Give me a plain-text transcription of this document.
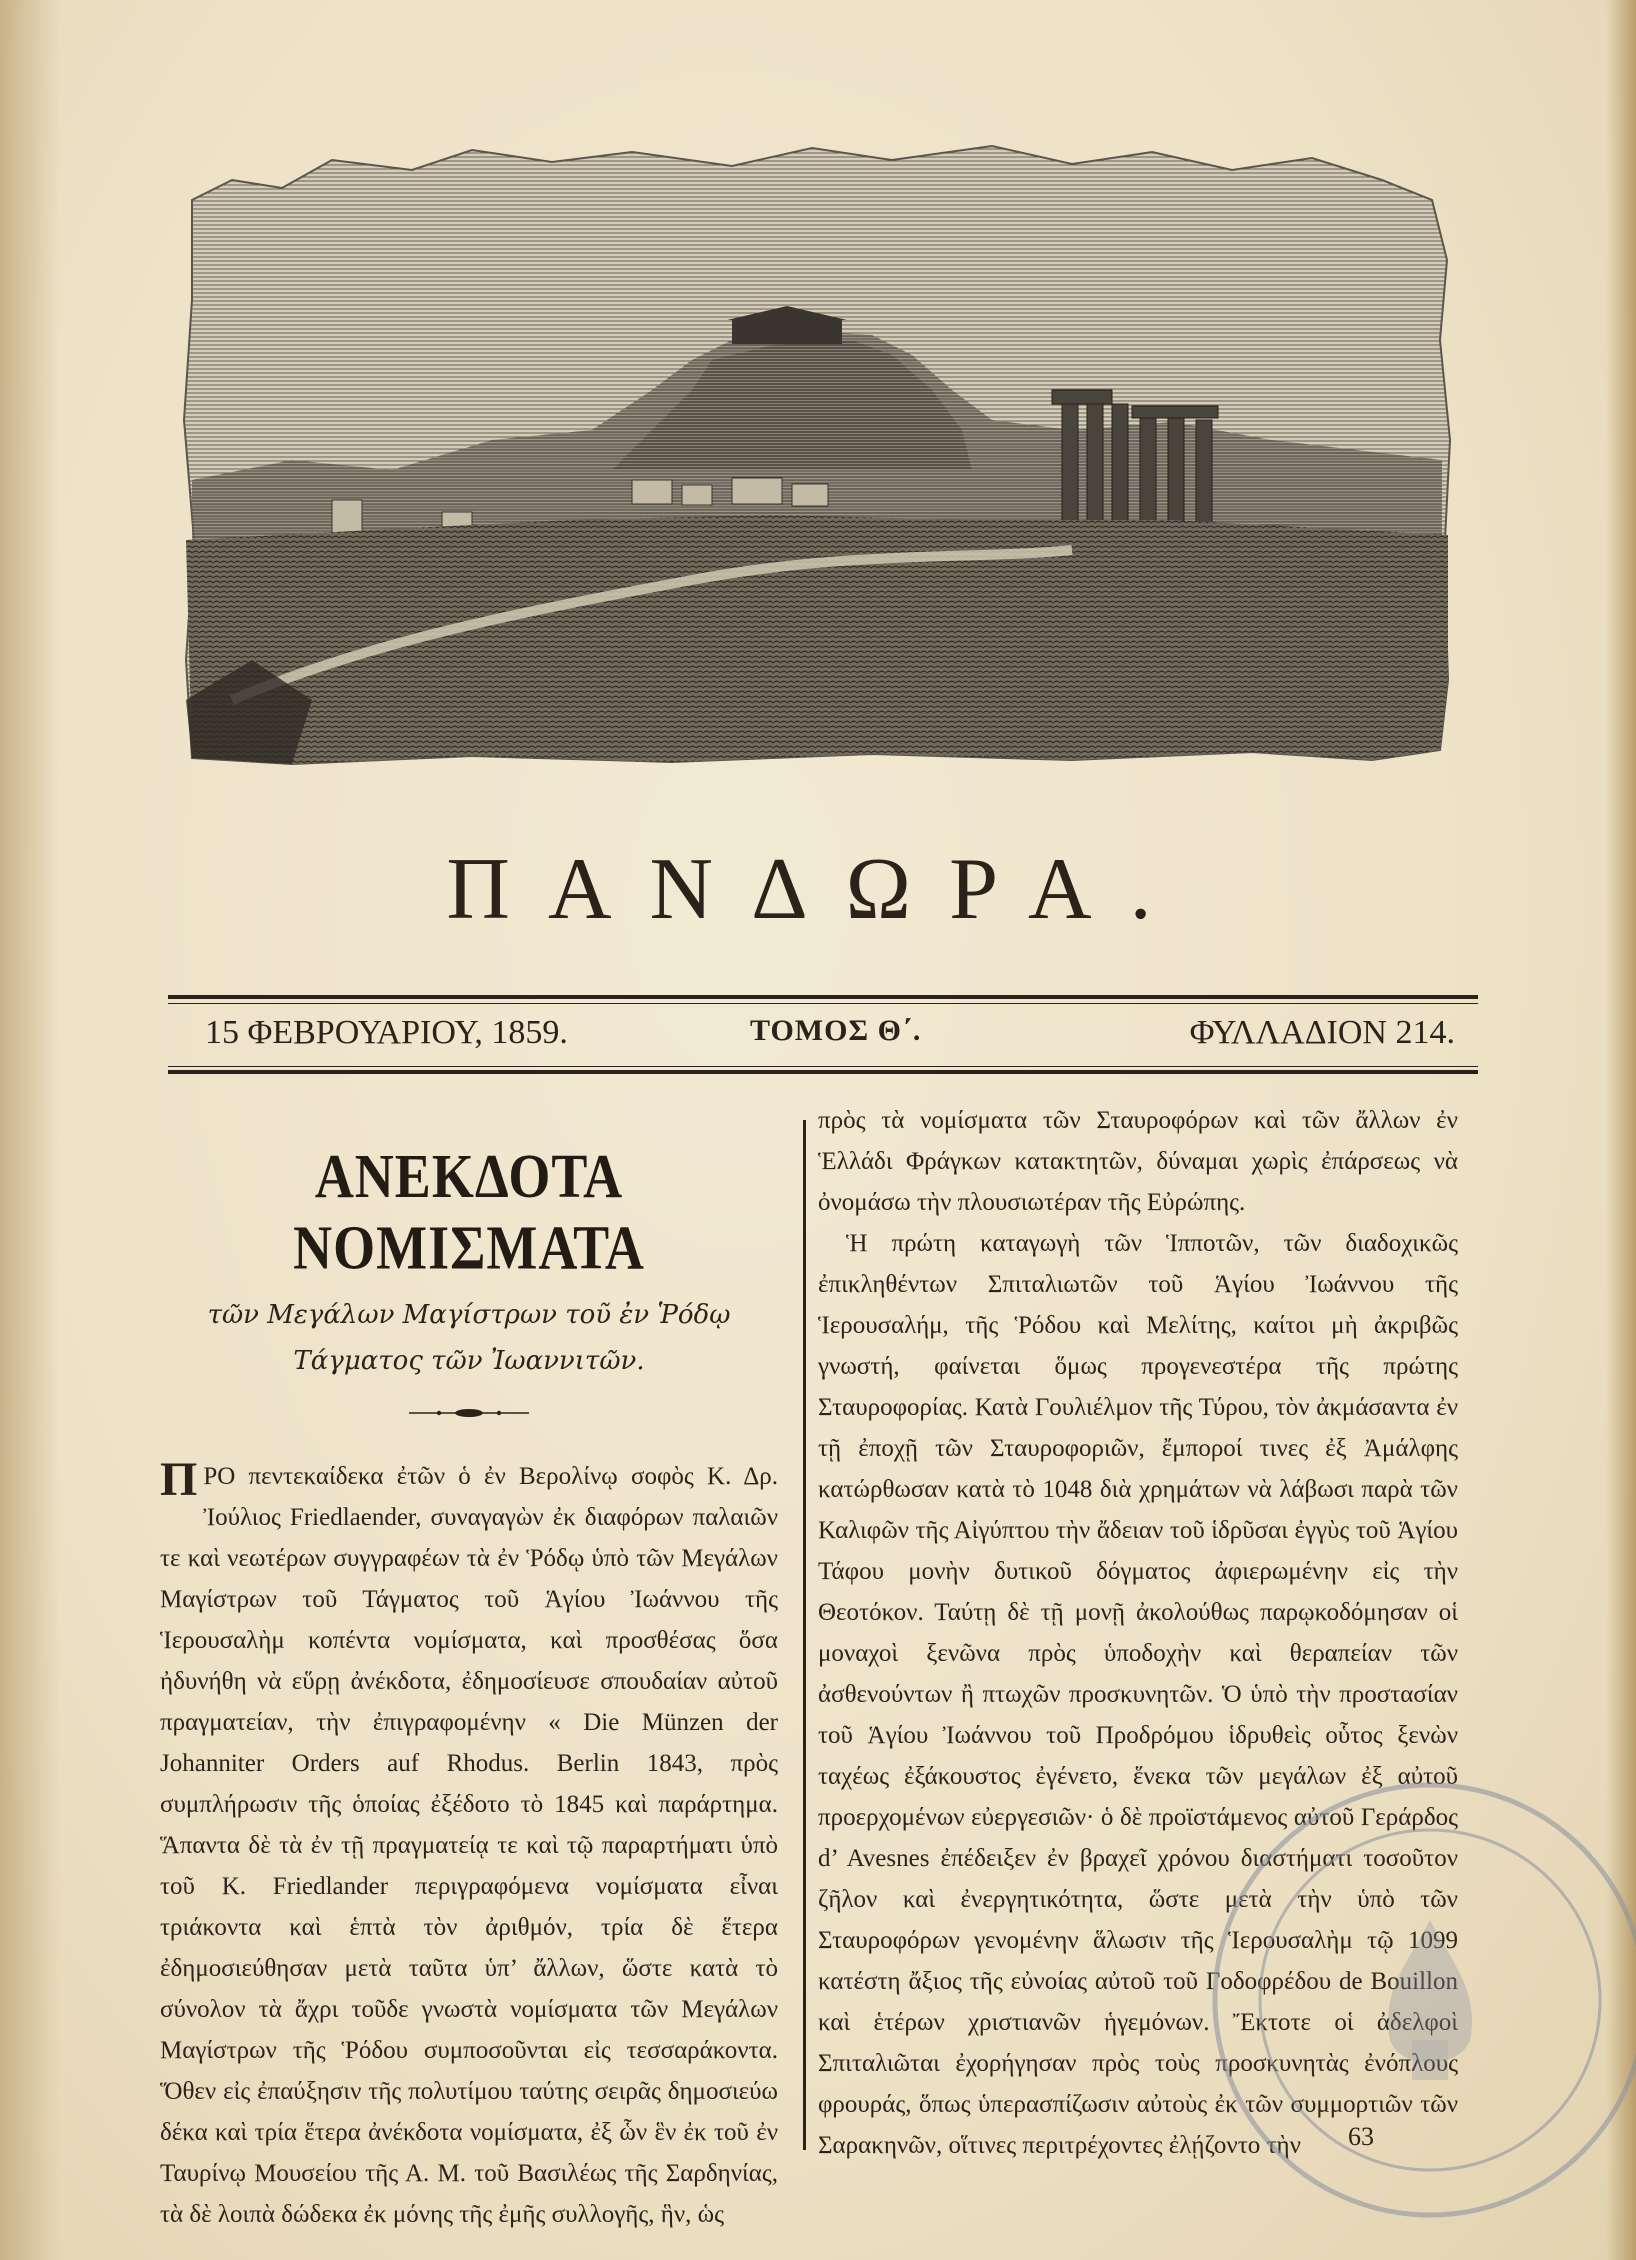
ΠΑΝΔΩΡΑ.
15 ΦΕΒΡΟΥΑΡΙΟΥ, 1859.	ΤΟΜΟΣ Θ΄.	ΦΥΛΛΑΔΙΟΝ 214.
ΑΝΕΚΔΟΤΑ ΝΟΜΙΣΜΑΤΑ
τῶν Μεγάλων Μαγίστρων τοῦ ἐν Ῥόδῳ
Τάγματος τῶν Ἰωαννιτῶν.

ΠΡΟ πεντεκαίδεκα ἐτῶν ὁ ἐν Βερολίνῳ σοφὸς Κ. Δρ. Ἰούλιος Friedlaender, συναγαγὼν ἐκ διαφόρων παλαιῶν τε καὶ νεωτέρων συγγραφέων τὰ ἐν Ῥόδῳ ὑπὸ τῶν Μεγάλων Μαγίστρων τοῦ Τάγματος τοῦ Ἁγίου Ἰωάννου τῆς Ἱερουσαλὴμ κοπέντα νομίσματα, καὶ προσθέσας ὅσα ἠδυνήθη νὰ εὕρῃ ἀνέκδοτα, ἐδημοσίευσε σπουδαίαν αὐτοῦ πραγματείαν, τὴν ἐπιγραφομένην « Die Münzen der Johanniter Orders auf Rhodus. Berlin 1843, πρὸς συμπλήρωσιν τῆς ὁποίας ἐξέδοτο τὸ 1845 καὶ παράρτημα. Ἅπαντα δὲ τὰ ἐν τῇ πραγματείᾳ τε καὶ τῷ παραρτήματι ὑπὸ τοῦ Κ. Friedlander περιγραφόμενα νομίσματα εἶναι τριάκοντα καὶ ἑπτὰ τὸν ἀριθμόν, τρία δὲ ἕτερα ἐδημοσιεύθησαν μετὰ ταῦτα ὑπ’ ἄλλων, ὥστε κατὰ τὸ σύνολον τὰ ἄχρι τοῦδε γνωστὰ νομίσματα τῶν Μεγάλων Μαγίστρων τῆς Ῥόδου συμποσοῦνται εἰς τεσσαράκοντα. Ὅθεν εἰς ἐπαύξησιν τῆς πολυτίμου ταύτης σειρᾶς δημοσιεύω δέκα καὶ τρία ἕτερα ἀνέκδοτα νομίσματα, ἐξ ὧν ἓν ἐκ τοῦ ἐν Ταυρίνῳ Μουσείου τῆς Α. Μ. τοῦ Βασιλέως τῆς Σαρδηνίας, τὰ δὲ λοιπὰ δώδεκα ἐκ μόνης τῆς ἐμῆς συλλογῆς, ἣν, ὡς

πρὸς τὰ νομίσματα τῶν Σταυροφόρων καὶ τῶν ἄλλων ἐν Ἑλλάδι Φράγκων κατακτητῶν, δύναμαι χωρὶς ἐπάρσεως νὰ ὀνομάσω τὴν πλουσιωτέραν τῆς Εὐρώπης.

Ἡ πρώτη καταγωγὴ τῶν Ἱπποτῶν, τῶν διαδοχικῶς ἐπικληθέντων Σπιταλιωτῶν τοῦ Ἁγίου Ἰωάννου τῆς Ἱερουσαλήμ, τῆς Ῥόδου καὶ Μελίτης, καίτοι μὴ ἀκριβῶς γνωστή, φαίνεται ὅμως προγενεστέρα τῆς πρώτης Σταυροφορίας. Κατὰ Γουλιέλμον τῆς Τύρου, τὸν ἀκμάσαντα ἐν τῇ ἐποχῇ τῶν Σταυροφοριῶν, ἔμποροί τινες ἐξ Ἀμάλφης κατώρθωσαν κατὰ τὸ 1048 διὰ χρημάτων νὰ λάβωσι παρὰ τῶν Καλιφῶν τῆς Αἰγύπτου τὴν ἄδειαν τοῦ ἱδρῦσαι ἐγγὺς τοῦ Ἁγίου Τάφου μονὴν δυτικοῦ δόγματος ἀφιερωμένην εἰς τὴν Θεοτόκον. Ταύτῃ δὲ τῇ μονῇ ἀκολούθως παρῳκοδόμησαν οἱ μοναχοὶ ξενῶνα πρὸς ὑποδοχὴν καὶ θεραπείαν τῶν ἀσθενούντων ἢ πτωχῶν προσκυνητῶν. Ὁ ὑπὸ τὴν προστασίαν τοῦ Ἁγίου Ἰωάννου τοῦ Προδρόμου ἱδρυθεὶς οὗτος ξενὼν ταχέως ἐξάκουστος ἐγένετο, ἕνεκα τῶν μεγάλων ἐξ αὐτοῦ προερχομένων εὐεργεσιῶν· ὁ δὲ προϊστάμενος αὐτοῦ Γεράρδος d’ Avesnes ἐπέδειξεν ἐν βραχεῖ χρόνου διαστήματι τοσοῦτον ζῆλον καὶ ἐνεργητικότητα, ὥστε μετὰ τὴν ὑπὸ τῶν Σταυροφόρων γενομένην ἅλωσιν τῆς Ἱερουσαλὴμ τῷ 1099 κατέστη ἄξιος τῆς εὐνοίας αὐτοῦ τοῦ Γοδοφρέδου de Bouillon καὶ ἑτέρων χριστιανῶν ἡγεμόνων. Ἔκτοτε οἱ ἀδελφοὶ Σπιταλιῶται ἐχορήγησαν πρὸς τοὺς προσκυνητὰς ἐνόπλους φρουράς, ὅπως ὑπερασπίζωσιν αὐτοὺς ἐκ τῶν συμμορτιῶν τῶν Σαρακηνῶν, οἵτινες περιτρέχοντες ἐλῄζοντο τὴν	63
